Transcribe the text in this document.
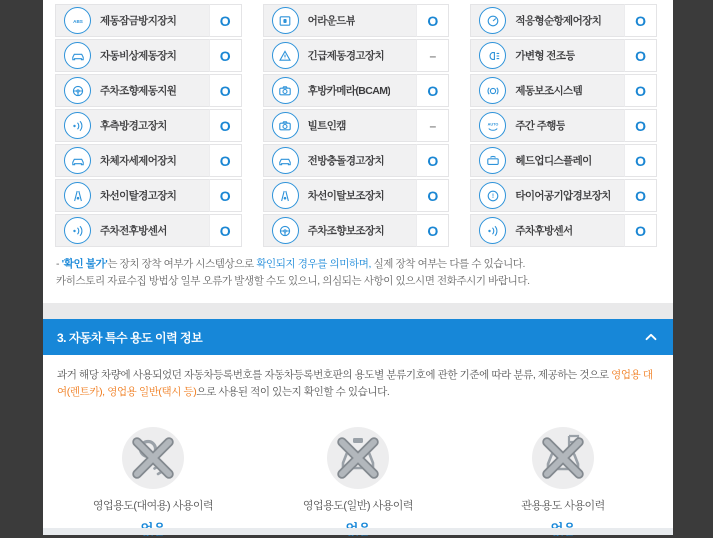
제동잠금방지장치	O
자동비상제동장치	O
주차조향제동지원	O
후측방경고장치	O
차체자세제어장치	O
차선이탈경고장치	O
주차전후방센서	O
어라운드뷰	O
긴급제동경고장치	–
후방카메라(BCAM)	O
빌트인캠	–
전방충돌경고장치	O
차선이탈보조장치	O
주차조향보조장치	O
적응형순항제어장치	O
가변형 전조등	O
제동보조시스템	O
주간 주행등	O
헤드업디스플레이	O
타이어공기압경보장치	O
주차후방센서	O
- '확인 불가'는 장치 장착 여부가 시스템상으로 확인되지 경우를 의미하며, 실제 장착 여부는 다를 수 있습니다.
카히스토리 자료수집 방법상 일부 오류가 발생할 수도 있으니, 의심되는 사항이 있으시면 전화주시기 바랍니다.
3. 자동차 특수 용도 이력 정보

과거 해당 차량에 사용되었던 자동차등록번호를 자동차등록번호판의 용도별 분류기호에 관한 기준에 따라 분류, 제공하는 것으로 영업용 대여(렌트카), 영업용 일반(택시 등)으로 사용된 적이 있는지 확인할 수 있습니다.

영업용도(대여용) 사용이력	영업용도(일반) 사용이력	관용용도 사용이력
